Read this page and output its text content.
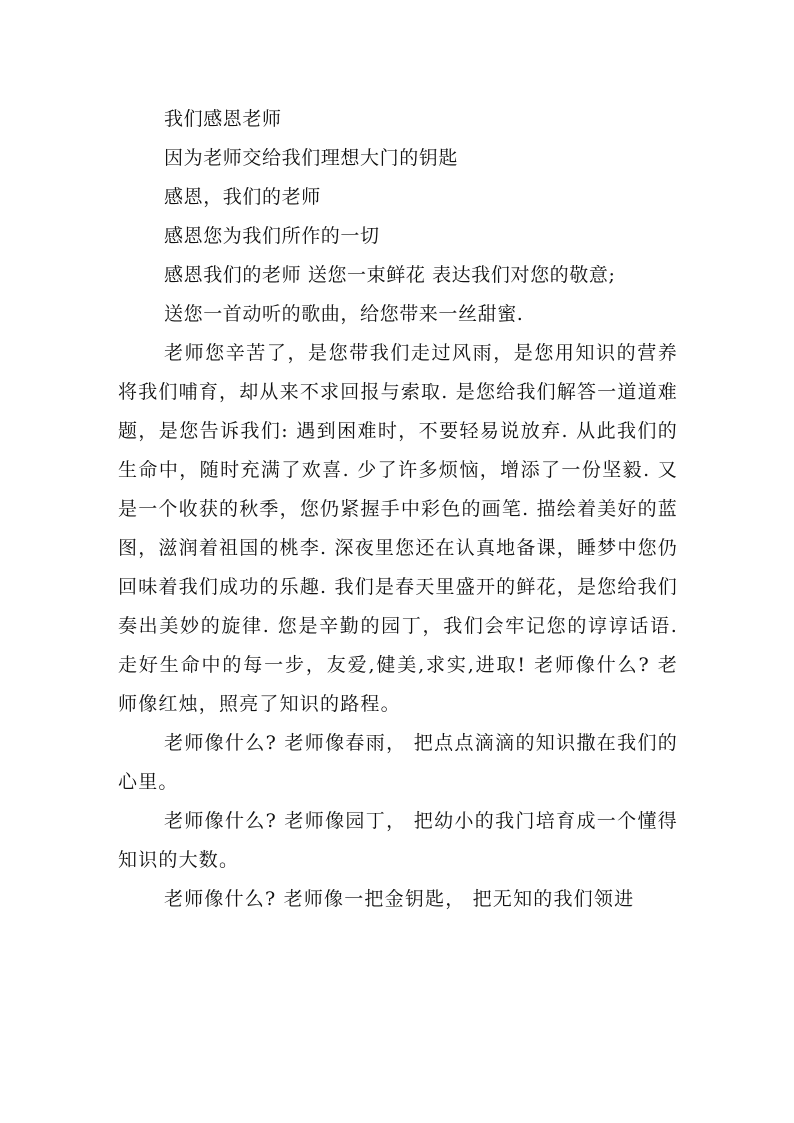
我们感恩老师
因为老师交给我们理想大门的钥匙
感恩，我们的老师
感恩您为我们所作的一切
感恩我们的老师 送您一束鲜花 表达我们对您的敬意;
送您一首动听的歌曲，给您带来一丝甜蜜.

老师您辛苦了，是您带我们走过风雨，是您用知识的营养将我们哺育，却从来不求回报与索取. 是您给我们解答一道道难题，是您告诉我们: 遇到困难时，不要轻易说放弃. 从此我们的生命中，随时充满了欢喜. 少了许多烦恼，增添了一份坚毅. 又是一个收获的秋季，您仍紧握手中彩色的画笔. 描绘着美好的蓝图，滋润着祖国的桃李. 深夜里您还在认真地备课，睡梦中您仍回味着我们成功的乐趣. 我们是春天里盛开的鲜花，是您给我们奏出美妙的旋律. 您是辛勤的园丁，我们会牢记您的谆谆话语. 走好生命中的每一步，友爱,健美,求实,进取! 老师像什么? 老师像红烛，照亮了知识的路程。

老师像什么? 老师像春雨， 把点点滴滴的知识撒在我们的心里。

老师像什么? 老师像园丁， 把幼小的我门培育成一个懂得知识的大数。

老师像什么? 老师像一把金钥匙， 把无知的我们领进
